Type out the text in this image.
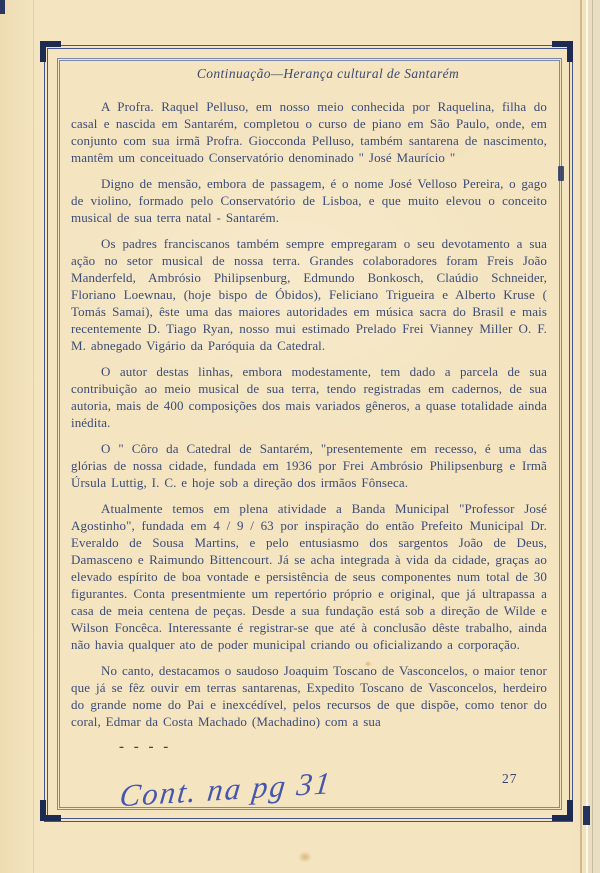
Continuação—Herança cultural de Santarém

A Profra. Raquel Pelluso, em nosso meio conhecida por Raquelina, filha do casal e nascida em Santarém, completou o curso de piano em São Paulo, onde, em conjunto com sua irmã Profra. Giocconda Pelluso, também santarena de nascimento, mantêm um conceituado Conservatório denominado " José Maurício "

Digno de mensão, embora de passagem, é o nome José Velloso Pereira, o gago de violino, formado pelo Conservatório de Lisboa, e que muito elevou o conceito musical de sua terra natal - Santarém.

Os padres franciscanos também sempre empregaram o seu devotamento a sua ação no setor musical de nossa terra. Grandes colaboradores foram Freis João Manderfeld, Ambrósio Philipsenburg, Edmundo Bonkosch, Claúdio Schneider, Floriano Loewnau, (hoje bispo de Óbidos), Feliciano Trigueira e Alberto Kruse ( Tomás Samai), êste uma das maiores autoridades em música sacra do Brasil e mais recentemente D. Tiago Ryan, nosso mui estimado Prelado Frei Vianney Miller O. F. M. abnegado Vigário da Paróquia da Catedral.

O autor destas linhas, embora modestamente, tem dado a parcela de sua contribuição ao meio musical de sua terra, tendo registradas em cadernos, de sua autoria, mais de 400 composições dos mais variados gêneros, a quase totalidade ainda inédita.

O " Côro da Catedral de Santarém, "presentemente em recesso, é uma das glórias de nossa cidade, fundada em 1936 por Frei Ambrósio Philipsenburg e Irmã Úrsula Luttig, I. C. e hoje sob a direção dos irmãos Fônseca.

Atualmente temos em plena atividade a Banda Municipal "Professor José Agostinho", fundada em 4 / 9 / 63 por inspiração do então Prefeito Municipal Dr. Everaldo de Sousa Martins, e pelo entusiasmo dos sargentos João de Deus, Damasceno e Raimundo Bittencourt. Já se acha integrada à vida da cidade, graças ao elevado espírito de boa vontade e persistência de seus componentes num total de 30 figurantes. Conta presentmiente um repertório próprio e original, que já ultrapassa a casa de meia centena de peças. Desde a sua fundação está sob a direção de Wilde e Wilson Foncêca. Interessante é registrar-se que até à conclusão dêste trabalho, ainda não havia qualquer ato de poder municipal criando ou oficializando a corporação.

No canto, destacamos o saudoso Joaquim Toscano de Vasconcelos, o maior tenor que já se fêz ouvir em terras santarenas, Expedito Toscano de Vasconcelos, herdeiro do grande nome do Pai e inexcédível, pelos recursos de que dispõe, como tenor do coral, Edmar da Costa Machado (Machadino) com a sua

- - - -
27
Cont. na pg 31
